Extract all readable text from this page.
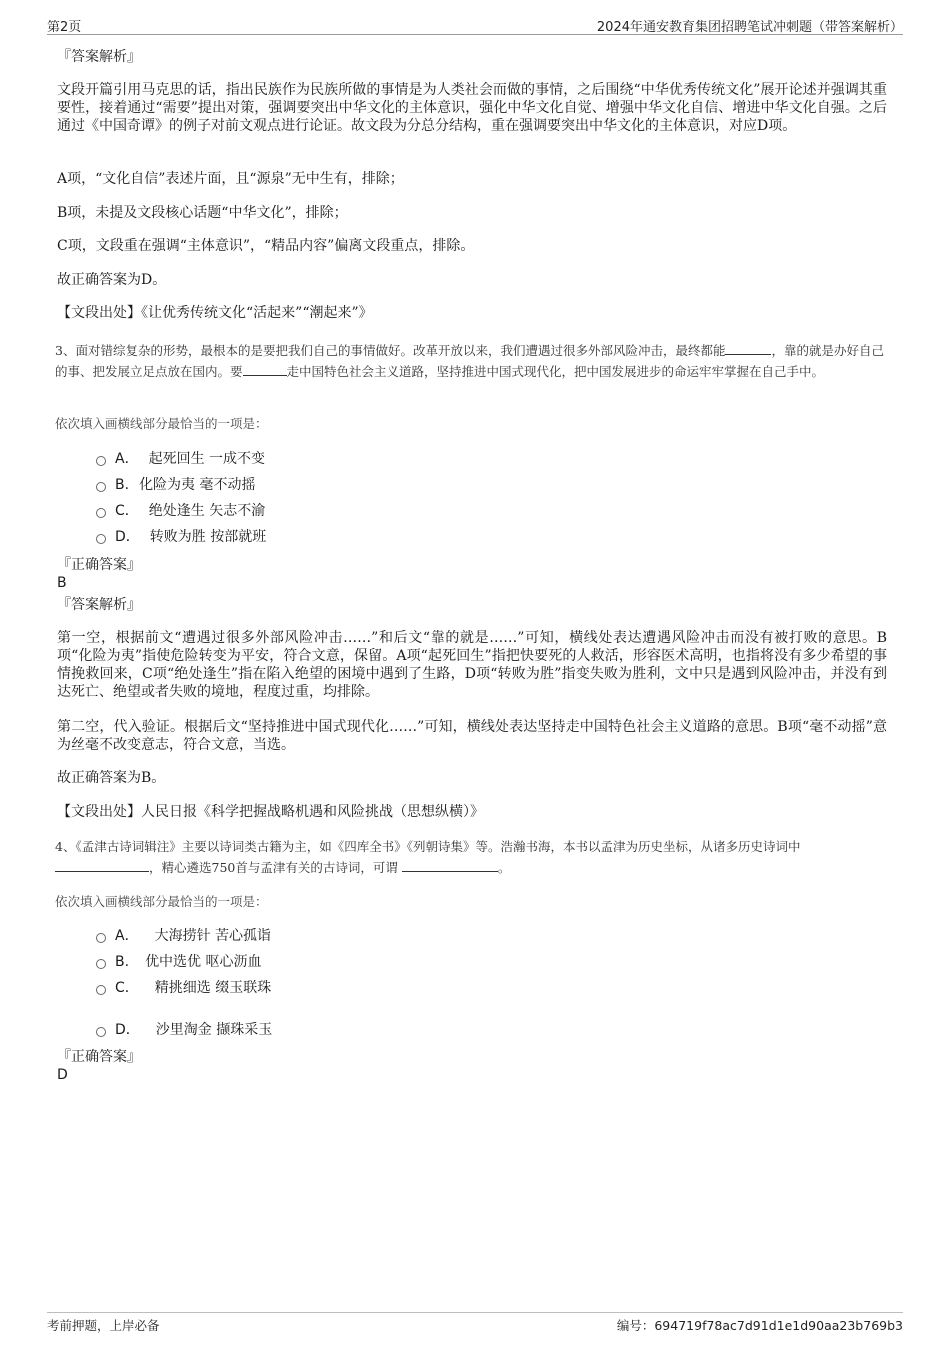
第2页	2024年通安教育集团招聘笔试冲刺题（带答案解析）
『答案解析』
文段开篇引用马克思的话，指出民族作为民族所做的事情是为人类社会而做的事情，之后围绕“中华优秀传统文化”展开论述并强调其重要性，接着通过“需要”提出对策，强调要突出中华文化的主体意识，强化中华文化自觉、增强中华文化自信、增进中华文化自强。之后通过《中国奇谭》的例子对前文观点进行论证。故文段为分总分结构，重在强调要突出中华文化的主体意识，对应D项。
A项，“文化自信”表述片面，且“源泉”无中生有，排除；
B项，未提及文段核心话题“中华文化”，排除；
C项，文段重在强调“主体意识”，“精品内容”偏离文段重点，排除。
故正确答案为D。
【文段出处】《让优秀传统文化“活起来”“潮起来”》
3、面对错综复杂的形势，最根本的是要把我们自己的事情做好。改革开放以来，我们遭遇过很多外部风险冲击，最终都能	，靠的就是办好自己的事、把发展立足点放在国内。要	走中国特色社会主义道路，坚持推进中国式现代化，把中国发展进步的命运牢牢掌握在自己手中。
依次填入画横线部分最恰当的一项是：
A． 起死回生 一成不变
B. 化险为夷 毫不动摇
C． 绝处逢生 矢志不渝
D． 转败为胜 按部就班
『正确答案』
B
『答案解析』
第一空，根据前文“遭遇过很多外部风险冲击……”和后文“靠的就是……”可知，横线处表达遭遇风险冲击而没有被打败的意思。B项“化险为夷”指使危险转变为平安，符合文意，保留。A项“起死回生”指把快要死的人救活，形容医术高明，也指将没有多少希望的事情挽救回来，C项“绝处逢生”指在陷入绝望的困境中遇到了生路，D项“转败为胜”指变失败为胜利，文中只是遇到风险冲击，并没有到达死亡、绝望或者失败的境地，程度过重，均排除。
第二空，代入验证。根据后文“坚持推进中国式现代化……”可知，横线处表达坚持走中国特色社会主义道路的意思。B项“毫不动摇”意为丝毫不改变意志，符合文意，当选。
故正确答案为B。
【文段出处】人民日报《科学把握战略机遇和风险挑战（思想纵横）》
4、《孟津古诗词辑注》主要以诗词类古籍为主，如《四库全书》《列朝诗集》等。浩瀚书海，本书以孟津为历史坐标，从诸多历史诗词中，精心遴选750首与孟津有关的古诗词，可谓	。
依次填入画横线部分最恰当的一项是：
A． 大海捞针 苦心孤诣
B. 优中选优 呕心沥血
C． 精挑细选 缀玉联珠
D． 沙里淘金 撷珠采玉
『正确答案』
D
考前押题，上岸必备	编号：694719f78ac7d91d1e1d90aa23b769b3
